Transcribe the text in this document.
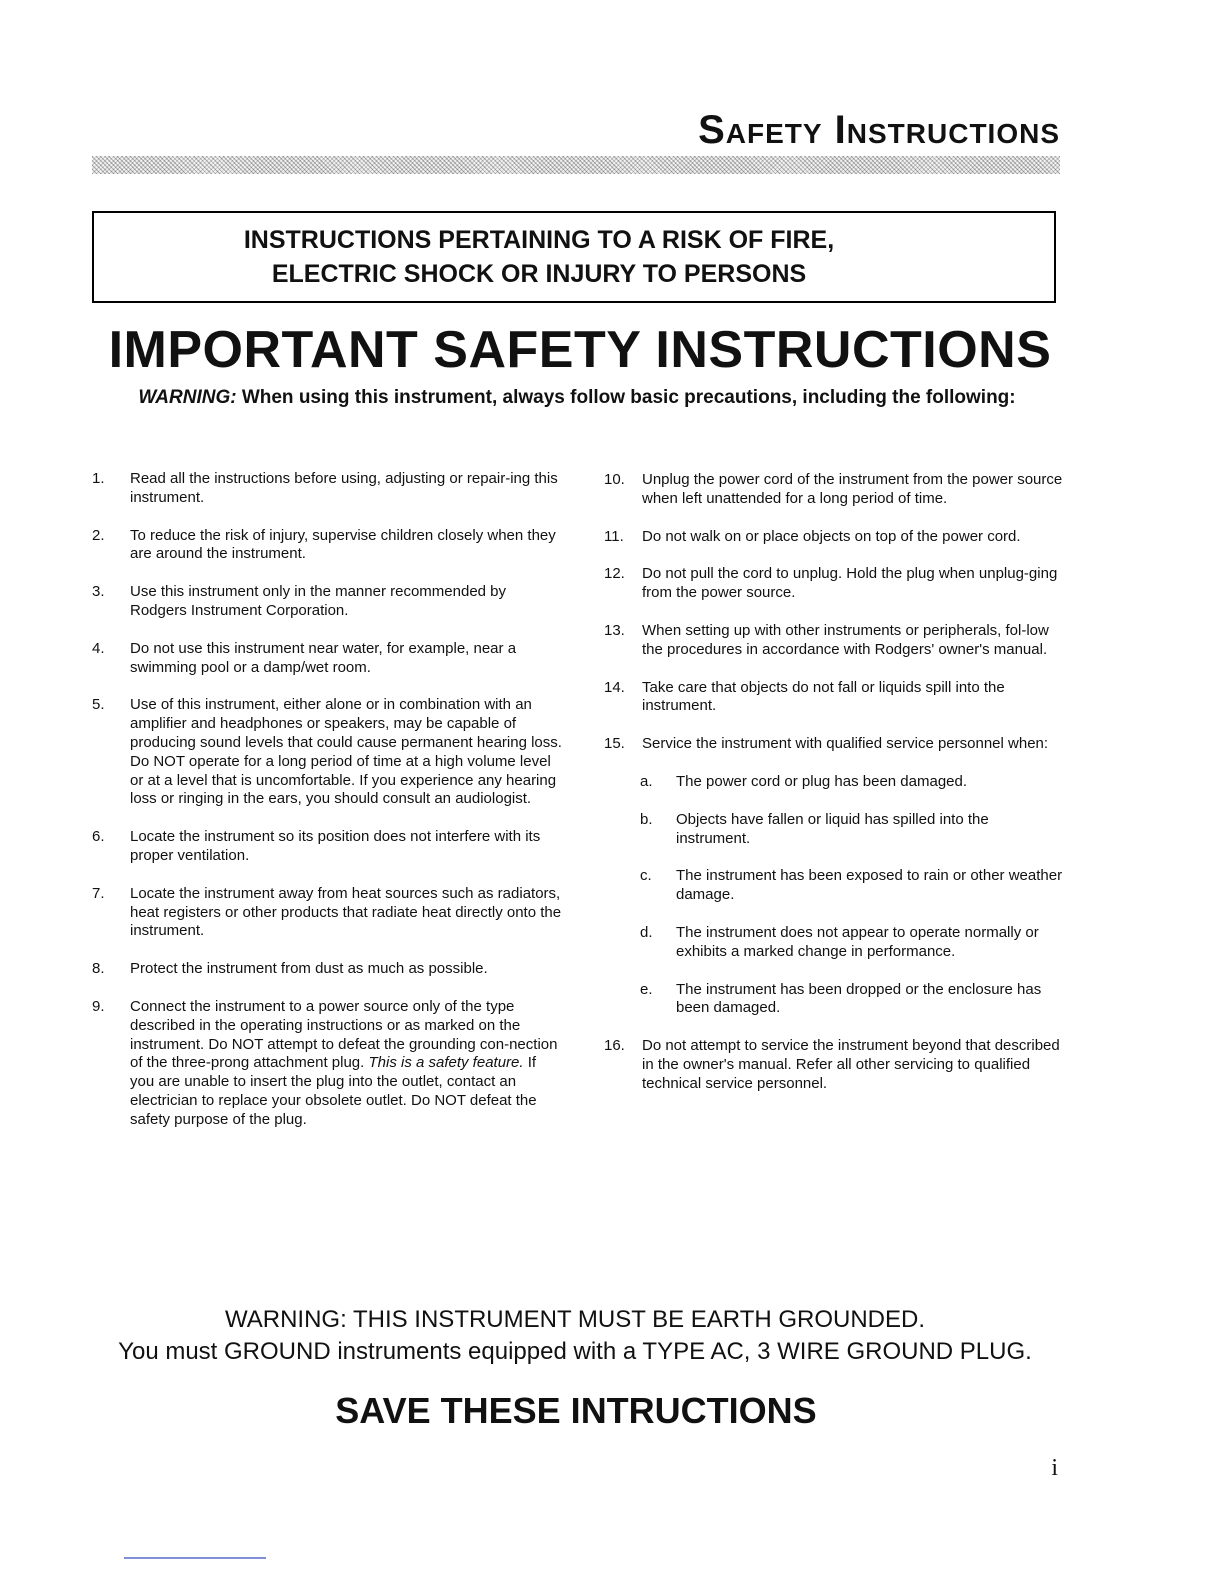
Safety Instructions
INSTRUCTIONS PERTAINING TO A RISK OF FIRE,
ELECTRIC SHOCK OR INJURY TO PERSONS
IMPORTANT SAFETY INSTRUCTIONS
WARNING: When using this instrument, always follow basic precautions, including the following:
1.	Read all the instructions before using, adjusting or repair-ing this instrument.
2.	To reduce the risk of injury, supervise children closely when they are around the instrument.
3.	Use this instrument only in the manner recommended by Rodgers Instrument Corporation.
4.	Do not use this instrument near water, for example, near a swimming pool or a damp/wet room.
5.	Use of this instrument, either alone or in combination with an amplifier and headphones or speakers, may be capable of producing sound levels that could cause permanent hearing loss. Do NOT operate for a long period of time at a high volume level or at a level that is uncomfortable. If you experience any hearing loss or ringing in the ears, you should consult an audiologist.
6.	Locate the instrument so its position does not interfere with its proper ventilation.
7.	Locate the instrument away from heat sources such as radiators, heat registers or other products that radiate heat directly onto the instrument.
8.	Protect the instrument from dust as much as possible.
9.	Connect the instrument to a power source only of the type described in the operating instructions or as marked on the instrument. Do NOT attempt to defeat the grounding con-nection of the three-prong attachment plug. This is a safety feature. If you are unable to insert the plug into the outlet, contact an electrician to replace your obsolete outlet. Do NOT defeat the safety purpose of the plug.
10.	Unplug the power cord of the instrument from the power source when left unattended for a long period of time.
11.	Do not walk on or place objects on top of the power cord.
12.	Do not pull the cord to unplug. Hold the plug when unplug-ging from the power source.
13.	When setting up with other instruments or peripherals, fol-low the procedures in accordance with Rodgers' owner's manual.
14.	Take care that objects do not fall or liquids spill into the instrument.
15.	Service the instrument with qualified service personnel when:
a. The power cord or plug has been damaged.
b. Objects have fallen or liquid has spilled into the instrument.
c. The instrument has been exposed to rain or other weather damage.
d. The instrument does not appear to operate normally or exhibits a marked change in performance.
e. The instrument has been dropped or the enclosure has been damaged.
16.	Do not attempt to service the instrument beyond that described in the owner's manual. Refer all other servicing to qualified technical service personnel.
WARNING: THIS INSTRUMENT MUST BE EARTH GROUNDED.
You must GROUND instruments equipped with a TYPE AC, 3 WIRE GROUND PLUG.
SAVE THESE INTRUCTIONS
i
